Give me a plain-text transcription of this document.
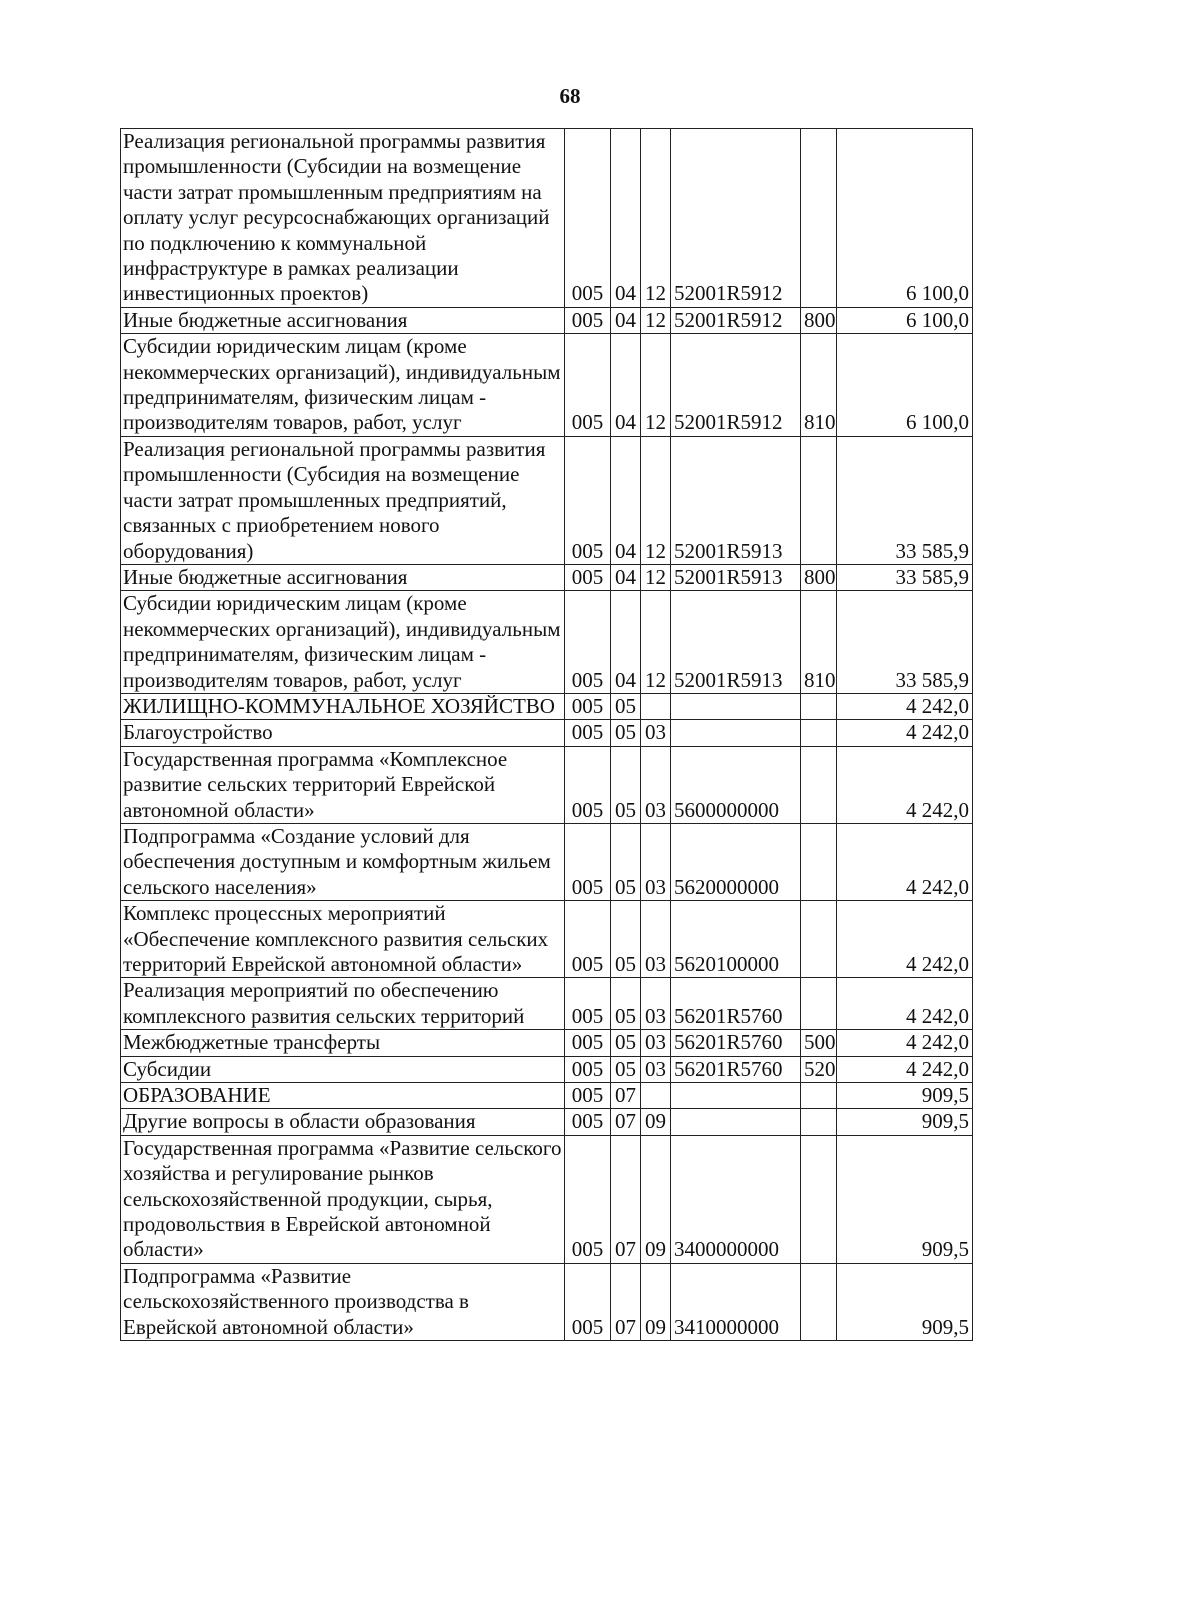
68
Реализация региональной программы развития промышленности (Субсидии на возмещение части затрат промышленным предприятиям на оплату услуг ресурсоснабжающих организаций по подключению к коммунальной инфраструктуре в рамках реализации инвестиционных проектов)	005	04	12	52001R5912		6 100,0
Иные бюджетные ассигнования	005	04	12	52001R5912	800	6 100,0
Субсидии юридическим лицам (кроме некоммерческих организаций), индивидуальным предпринимателям, физическим лицам - производителям товаров, работ, услуг	005	04	12	52001R5912	810	6 100,0
Реализация региональной программы развития промышленности (Субсидия на возмещение части затрат промышленных предприятий, связанных с приобретением нового оборудования)	005	04	12	52001R5913		33 585,9
Иные бюджетные ассигнования	005	04	12	52001R5913	800	33 585,9
Субсидии юридическим лицам (кроме некоммерческих организаций), индивидуальным предпринимателям, физическим лицам - производителям товаров, работ, услуг	005	04	12	52001R5913	810	33 585,9
ЖИЛИЩНО-КОММУНАЛЬНОЕ ХОЗЯЙСТВО	005	05				4 242,0
Благоустройство	005	05	03			4 242,0
Государственная программа «Комплексное развитие сельских территорий Еврейской автономной области»	005	05	03	5600000000		4 242,0
Подпрограмма «Создание условий для обеспечения доступным и комфортным жильем сельского населения»	005	05	03	5620000000		4 242,0
Комплекс процессных мероприятий «Обеспечение комплексного развития сельских территорий Еврейской автономной области»	005	05	03	5620100000		4 242,0
Реализация мероприятий по обеспечению комплексного развития сельских территорий	005	05	03	56201R5760		4 242,0
Межбюджетные трансферты	005	05	03	56201R5760	500	4 242,0
Субсидии	005	05	03	56201R5760	520	4 242,0
ОБРАЗОВАНИЕ	005	07				909,5
Другие вопросы в области образования	005	07	09			909,5
Государственная программа «Развитие сельского хозяйства и регулирование рынков сельскохозяйственной продукции, сырья, продовольствия в Еврейской автономной области»	005	07	09	3400000000		909,5
Подпрограмма «Развитие сельскохозяйственного производства в Еврейской автономной области»	005	07	09	3410000000		909,5
